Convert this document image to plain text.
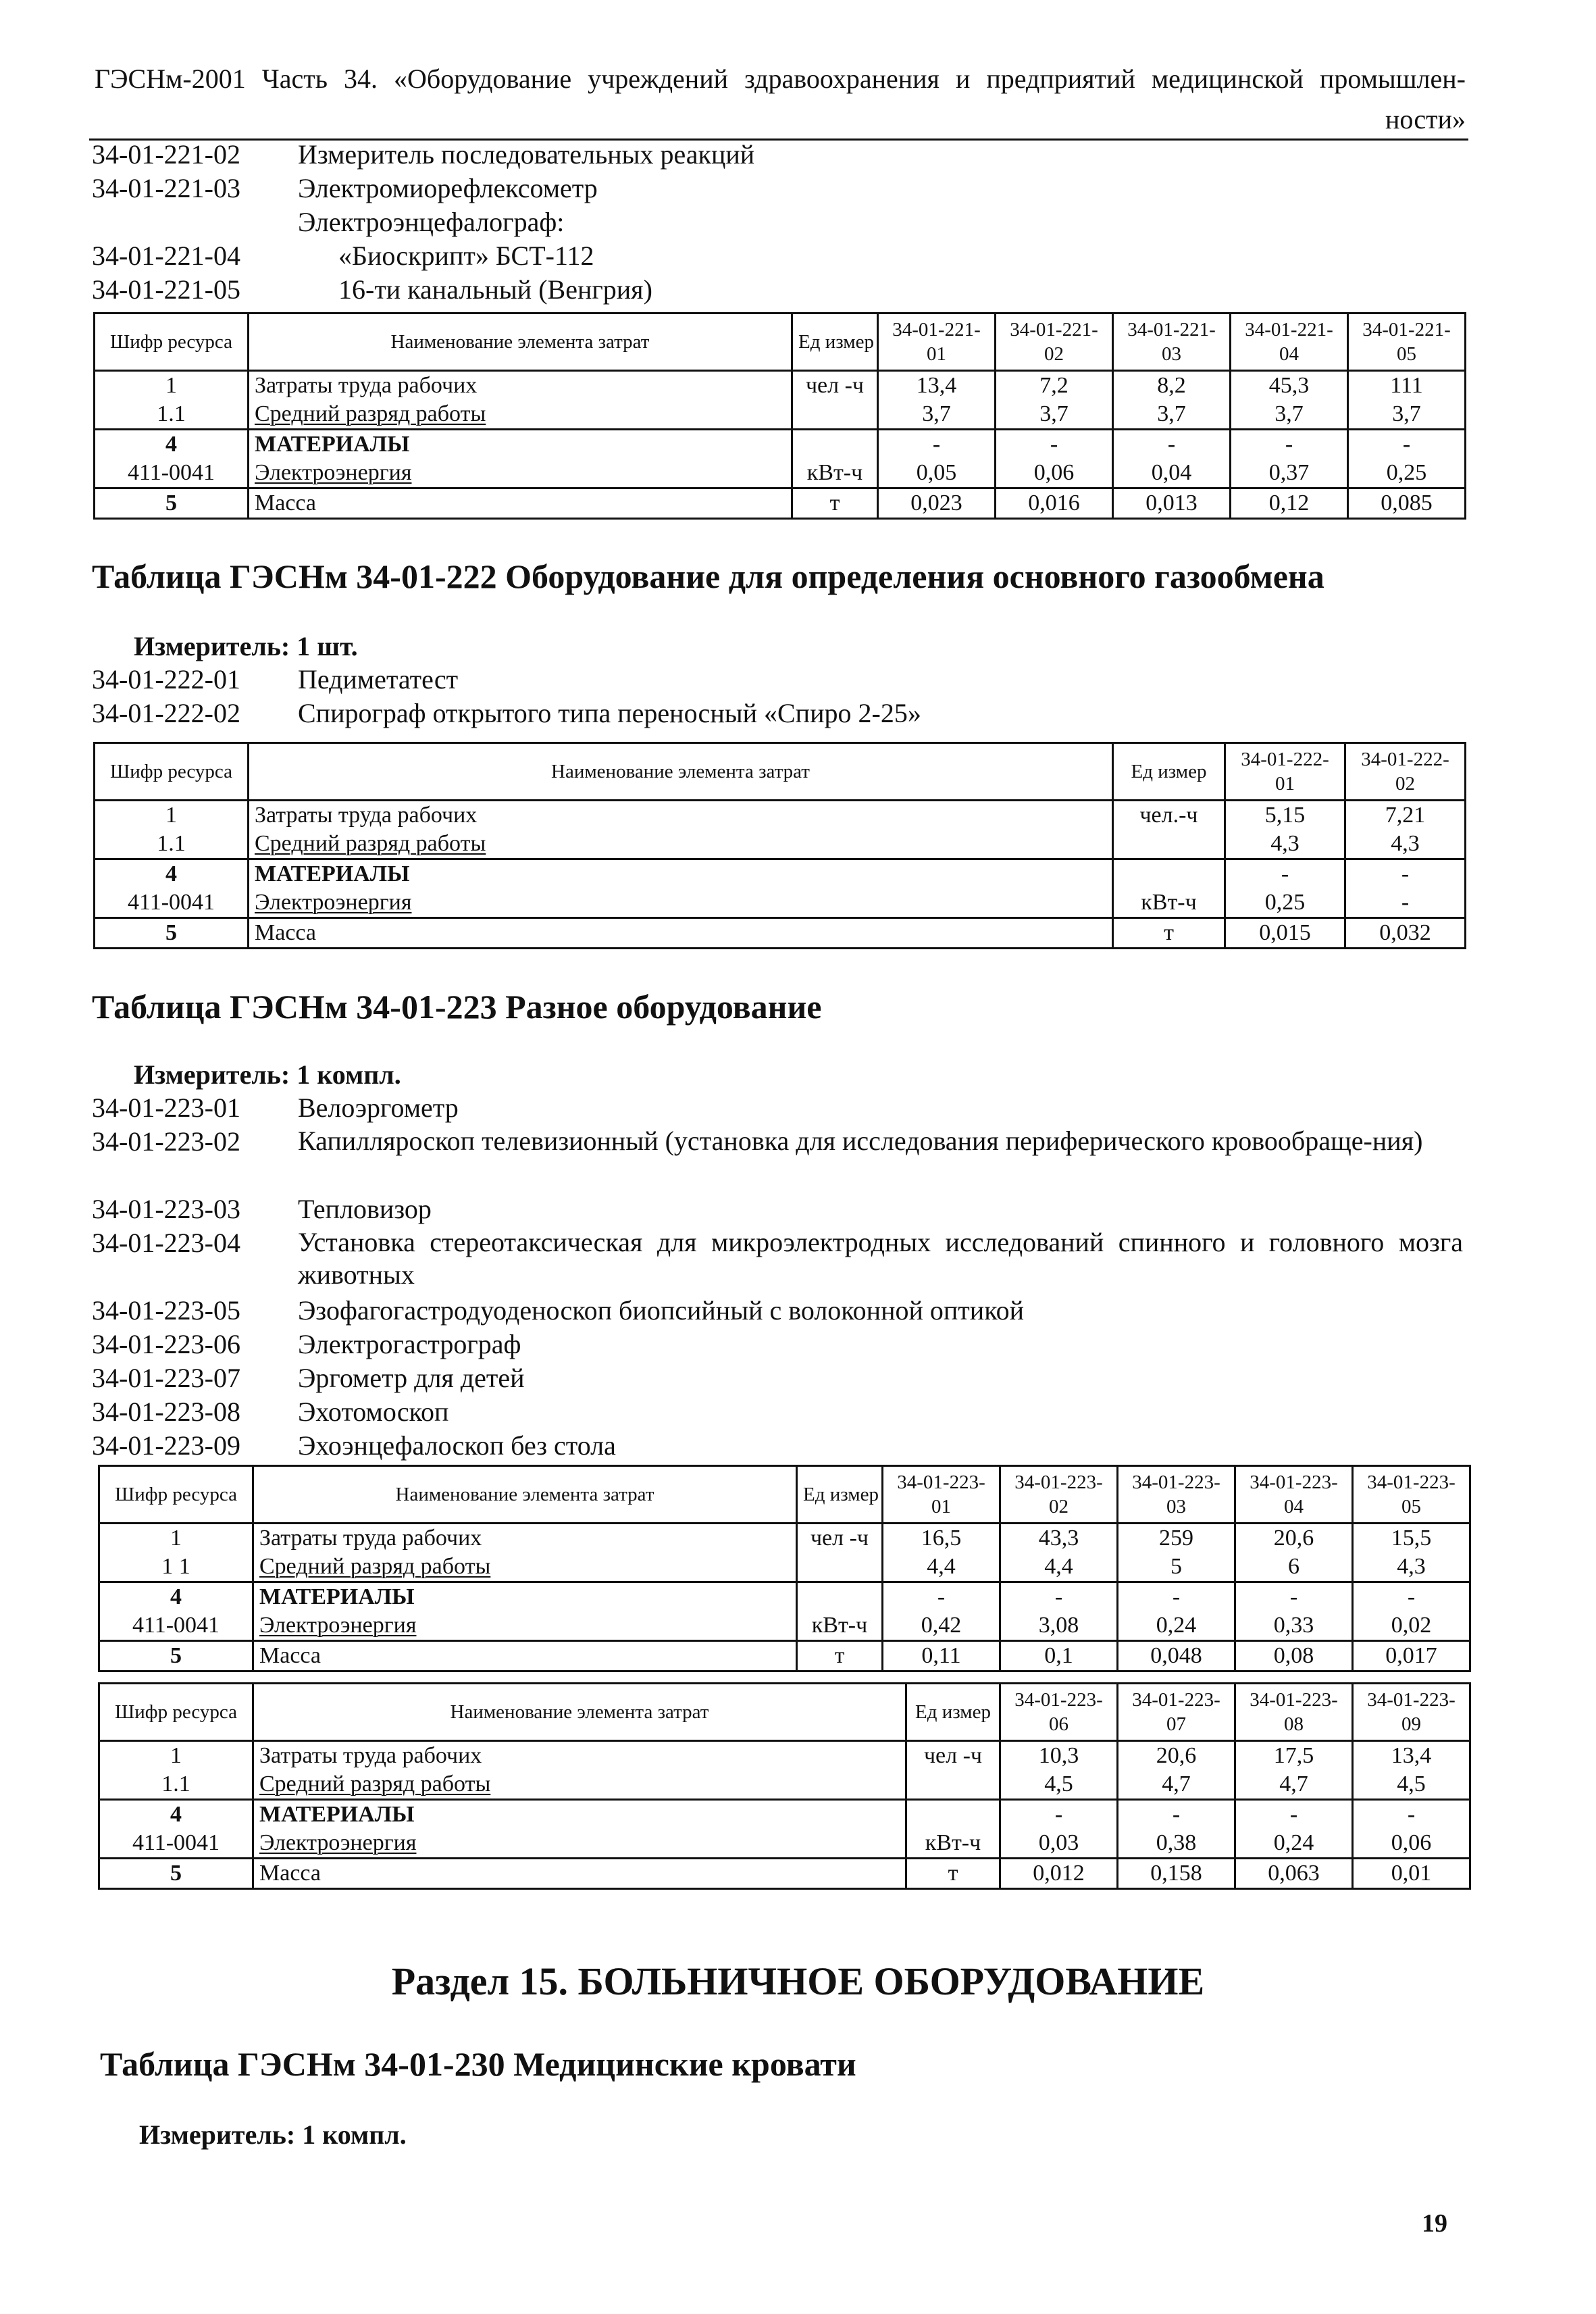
ГЭСНм-2001 Часть 34. «Оборудование учреждений здравоохранения и предприятий медицинской промышлен-
ности»
34-01-221-02	Измеритель последовательных реакций
34-01-221-03	Электромиорефлексометр
Электроэнцефалограф:
34-01-221-04	«Биоскрипт» БСТ-112
34-01-221-05	16-ти канальный (Венгрия)
Шифр ресурса	Наименование элемента затрат	Ед измер	34-01-221-01	34-01-221-02	34-01-221-03	34-01-221-04	34-01-221-05
1	Затраты труда рабочих	чел -ч	13,4	7,2	8,2	45,3	111
1.1	Средний разряд работы		3,7	3,7	3,7	3,7	3,7
4	МАТЕРИАЛЫ		-	-	-	-	-
411-0041	Электроэнергия	кВт-ч	0,05	0,06	0,04	0,37	0,25
5	Масса	т	0,023	0,016	0,013	0,12	0,085
Таблица ГЭСНм 34-01-222 Оборудование для определения основного газообмена
Измеритель: 1 шт.
34-01-222-01	Педиметатест
34-01-222-02	Спирограф открытого типа переносный «Спиро 2-25»
Шифр ресурса	Наименование элемента затрат	Ед измер	34-01-222-01	34-01-222-02
1	Затраты труда рабочих	чел.-ч	5,15	7,21
1.1	Средний разряд работы		4,3	4,3
4	МАТЕРИАЛЫ		-	-
411-0041	Электроэнергия	кВт-ч	0,25	-
5	Масса	т	0,015	0,032
Таблица ГЭСНм 34-01-223 Разное оборудование
Измеритель: 1 компл.
34-01-223-01	Велоэргометр
34-01-223-02	Капилляроскоп телевизионный (установка для исследования периферического кровообраще-ния)
34-01-223-03	Тепловизор
34-01-223-04	Установка стереотаксическая для микроэлектродных исследований спинного и головного мозга животных
34-01-223-05	Эзофагогастродуоденоскоп биопсийный с волоконной оптикой
34-01-223-06	Электрогастрограф
34-01-223-07	Эргометр для детей
34-01-223-08	Эхотомоскоп
34-01-223-09	Эхоэнцефалоскоп без стола
Шифр ресурса	Наименование элемента затрат	Ед измер	34-01-223-01	34-01-223-02	34-01-223-03	34-01-223-04	34-01-223-05
1	Затраты труда рабочих	чел -ч	16,5	43,3	259	20,6	15,5
1 1	Средний разряд работы		4,4	4,4	5	6	4,3
4	МАТЕРИАЛЫ		-	-	-	-	-
411-0041	Электроэнергия	кВт-ч	0,42	3,08	0,24	0,33	0,02
5	Масса	т	0,11	0,1	0,048	0,08	0,017
Шифр ресурса	Наименование элемента затрат	Ед измер	34-01-223-06	34-01-223-07	34-01-223-08	34-01-223-09
1	Затраты труда рабочих	чел -ч	10,3	20,6	17,5	13,4
1.1	Средний разряд работы		4,5	4,7	4,7	4,5
4	МАТЕРИАЛЫ		-	-	-	-
411-0041	Электроэнергия	кВт-ч	0,03	0,38	0,24	0,06
5	Масса	т	0,012	0,158	0,063	0,01
Раздел 15. БОЛЬНИЧНОЕ ОБОРУДОВАНИЕ
Таблица ГЭСНм 34-01-230 Медицинские кровати
Измеритель: 1 компл.
19
